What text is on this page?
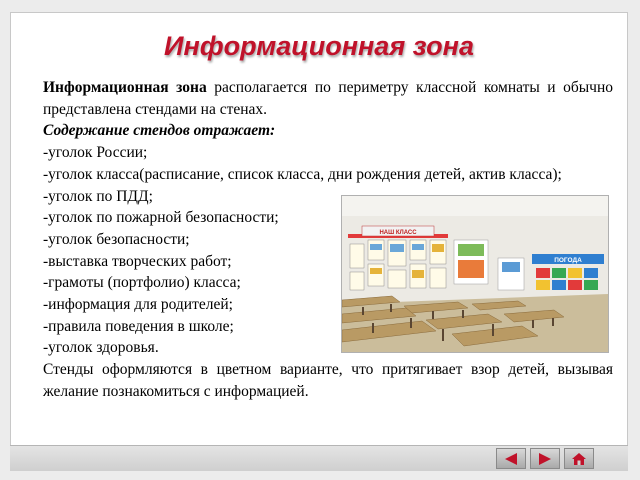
Информационная зона
Информационная зона располагается по периметру классной комнаты и обычно представлена стендами на стенах.
Содержание стендов отражает:
-уголок России;
-уголок класса(расписание, список класса, дни рождения детей, актив класса);
-уголок по ПДД;
-уголок по пожарной безопасности;
-уголок безопасности;
-выставка творческих работ;
-грамоты (портфолио) класса;
-информация для родителей;
-правила поведения в школе;
-уголок здоровья.
Стенды оформляются в цветном варианте, что притягивает взор детей, вызывая желание познакомиться с информацией.
НАШ КЛАСС
ПОГОДА
